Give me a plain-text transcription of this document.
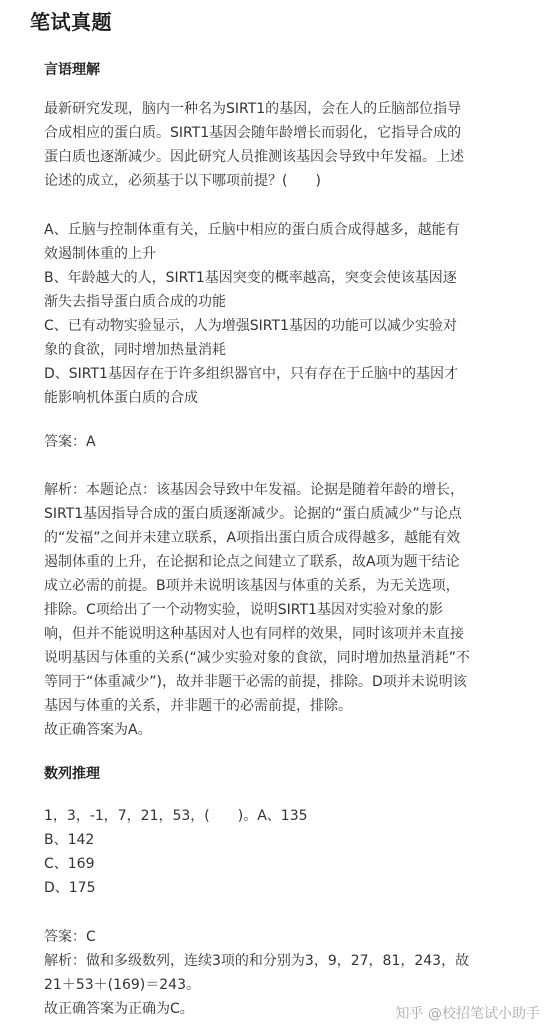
笔试真题
言语理解
最新研究发现，脑内一种名为SIRT1的基因，会在人的丘脑部位指导
合成相应的蛋白质。SIRT1基因会随年龄增长而弱化，它指导合成的
蛋白质也逐渐减少。因此研究人员推测该基因会导致中年发福。上述
论述的成立，必须基于以下哪项前提？(　　)
A、丘脑与控制体重有关，丘脑中相应的蛋白质合成得越多，越能有
效遏制体重的上升
B、年龄越大的人，SIRT1基因突变的概率越高，突变会使该基因逐
渐失去指导蛋白质合成的功能
C、已有动物实验显示，人为增强SIRT1基因的功能可以减少实验对
象的食欲，同时增加热量消耗
D、SIRT1基因存在于许多组织器官中，只有存在于丘脑中的基因才
能影响机体蛋白质的合成
答案：A
解析：本题论点：该基因会导致中年发福。论据是随着年龄的增长，
SIRT1基因指导合成的蛋白质逐渐减少。论据的“蛋白质减少”与论点
的“发福”之间并未建立联系，A项指出蛋白质合成得越多，越能有效
遏制体重的上升，在论据和论点之间建立了联系，故A项为题干结论
成立必需的前提。B项并未说明该基因与体重的关系，为无关选项，
排除。C项给出了一个动物实验，说明SIRT1基因对实验对象的影
响，但并不能说明这种基因对人也有同样的效果，同时该项并未直接
说明基因与体重的关系(“减少实验对象的食欲，同时增加热量消耗”不
等同于“体重减少”)，故并非题干必需的前提，排除。D项并未说明该
基因与体重的关系，并非题干的必需前提，排除。
故正确答案为A。
数列推理
1，3，-1，7，21，53，(　　)。A、135
B、142
C、169
D、175
答案：C
解析：做和多级数列，连续3项的和分别为3，9，27，81，243，故
21＋53＋(169)＝243。
故正确答案为正确为C。	知乎 @校招笔试小助手
